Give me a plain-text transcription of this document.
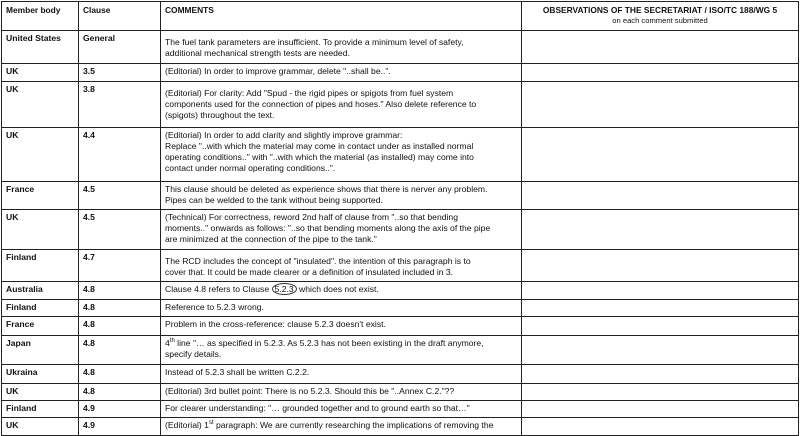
Member body	Clause	COMMENTS	OBSERVATIONS OF THE SECRETARIAT / ISO/TC 188/WG 5
on each comment submitted

United States	General	The fuel tank parameters are insufficient. To provide a minimum level of safety,
additional mechanical strength tests are needed.	

UK	3.5	(Editorial) In order to improve grammar, delete "..shall be..".	

UK	3.8	(Editorial) For clarity: Add "Spud - the rigid pipes or spigots from fuel system
components used for the connection of pipes and hoses." Also delete reference to
(spigots) throughout the text.	

UK	4.4	(Editorial) In order to add clarity and slightly improve grammar:
Replace "..with which the material may come in contact under as installed normal
operating conditions.." with "..with which the material (as installed) may come into
contact under normal operating conditions..".	

France	4.5	This clause should be deleted as experience shows that there is nerver any problem.
Pipes can be welded to the tank without being supported.	

UK	4.5	(Technical) For correctness, reword 2nd half of clause from "..so that bending
moments.." onwards as follows: "..so that bending moments along the axis of the pipe
are minimized at the connection of the pipe to the tank."	

Finland	4.7	The RCD includes the concept of "insulated". the intention of this paragraph is to
cover that. It could be made clearer or a definition of insulated included in 3.	

Australia	4.8	Clause 4.8 refers to Clause 5.2.3 which does not exist.	

Finland	4.8	Reference to 5.2.3 wrong.	

France	4.8	Problem in the cross-reference: clause 5.2.3 doesn't exist.	

Japan	4.8	4th line "… as specified in 5.2.3. As 5.2.3 has not been existing in the draft anymore,
specify details.	

Ukraina	4.8	Instead of 5.2.3 shall be written C.2.2.	

UK	4.8	(Editorial) 3rd bullet point: There is no 5.2.3. Should this be "..Annex C.2."??	

Finland	4.9	For clearer understanding: "… grounded together and to ground earth so that…"	

UK	4.9	(Editorial) 1st paragraph: We are currently researching the implications of removing the	
